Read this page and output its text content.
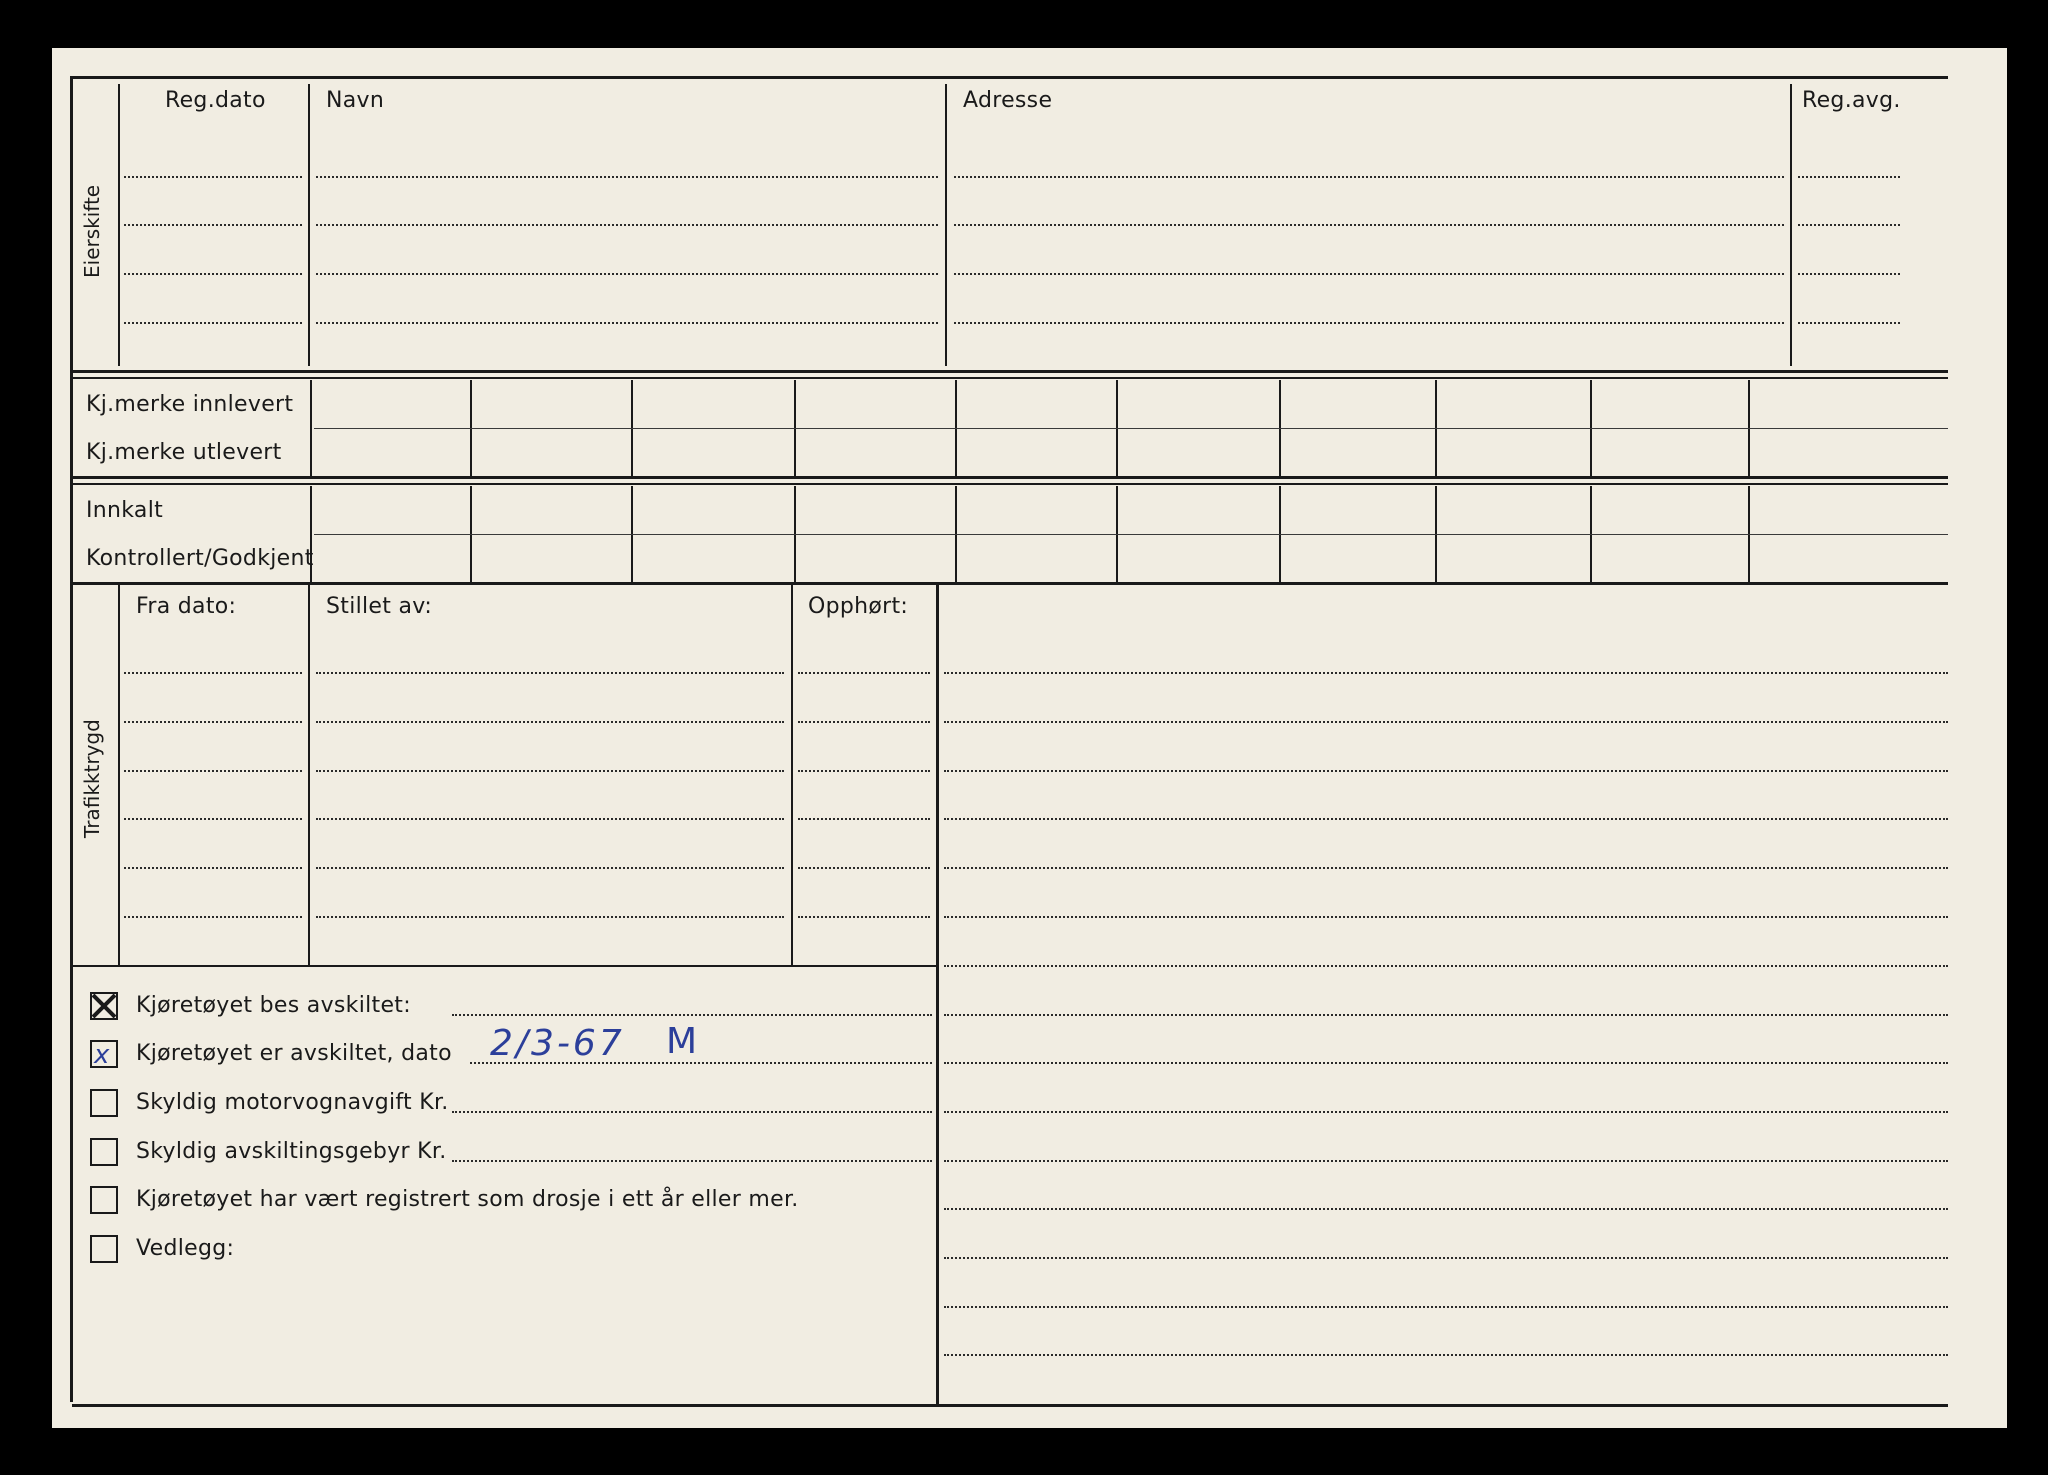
Eierskifte
Reg.dato	Navn	Adresse	Reg.avg.
Kj.merke innlevert
Kj.merke utlevert
Innkalt
Kontrollert/Godkjent
Trafikktrygd
Fra dato:	Stillet av:	Opphørt:
Kjøretøyet bes avskiltet:
x Kjøretøyet er avskiltet, dato 2/3-67 M
Skyldig motorvognavgift Kr.
Skyldig avskiltingsgebyr Kr.
Kjøretøyet har vært registrert som drosje i ett år eller mer.
Vedlegg:
